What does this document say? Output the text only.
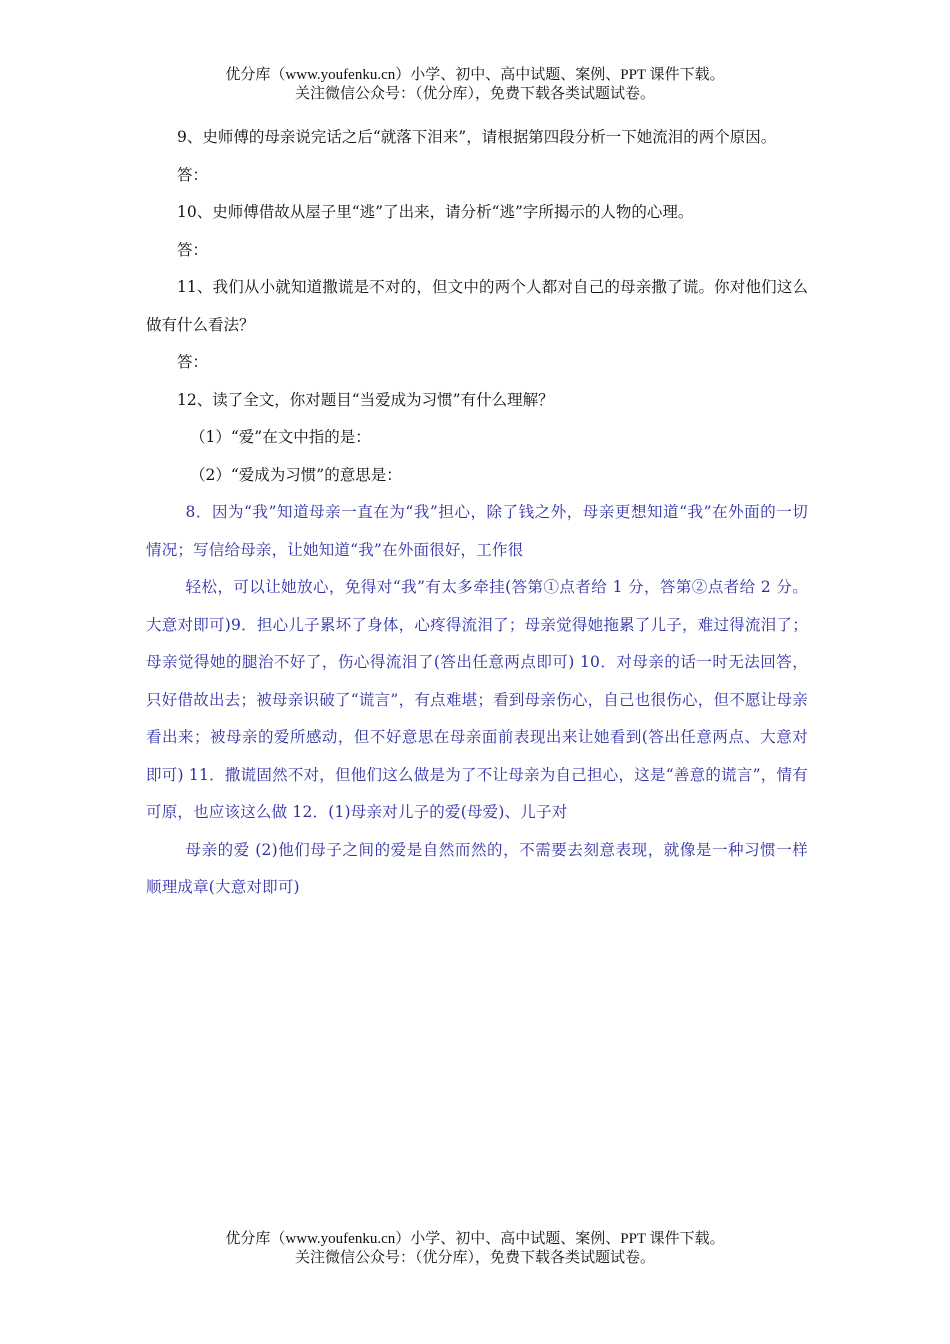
优分库（www.youfenku.cn）小学、初中、高中试题、案例、PPT 课件下载。
关注微信公众号：（优分库），免费下载各类试题试卷。

9、史师傅的母亲说完话之后“就落下泪来”，请根据第四段分析一下她流泪的两个原因。

答：

10、史师傅借故从屋子里“逃”了出来，请分析“逃”字所揭示的人物的心理。

答：

11、我们从小就知道撒谎是不对的，但文中的两个人都对自己的母亲撒了谎。你对他们这么做有什么看法？

答：

12、读了全文，你对题目“当爱成为习惯”有什么理解？

（1）“爱”在文中指的是：

（2）“爱成为习惯”的意思是：

8．因为“我”知道母亲一直在为“我”担心，除了钱之外，母亲更想知道“我”在外面的一切情况；写信给母亲，让她知道“我”在外面很好，工作很

轻松，可以让她放心，免得对“我”有太多牵挂(答第①点者给 1 分，答第②点者给 2 分。大意对即可)9．担心儿子累坏了身体，心疼得流泪了；母亲觉得她拖累了儿子，难过得流泪了；母亲觉得她的腿治不好了，伤心得流泪了(答出任意两点即可) 10．对母亲的话一时无法回答，只好借故出去；被母亲识破了“谎言”，有点难堪；看到母亲伤心，自己也很伤心，但不愿让母亲看出来；被母亲的爱所感动，但不好意思在母亲面前表现出来让她看到(答出任意两点、大意对即可) 11．撒谎固然不对，但他们这么做是为了不让母亲为自己担心，这是“善意的谎言”，情有可原，也应该这么做 12．(1)母亲对儿子的爱(母爱)、儿子对

母亲的爱 (2)他们母子之间的爱是自然而然的，不需要去刻意表现，就像是一种习惯一样顺理成章(大意对即可)

优分库（www.youfenku.cn）小学、初中、高中试题、案例、PPT 课件下载。
关注微信公众号：（优分库），免费下载各类试题试卷。
